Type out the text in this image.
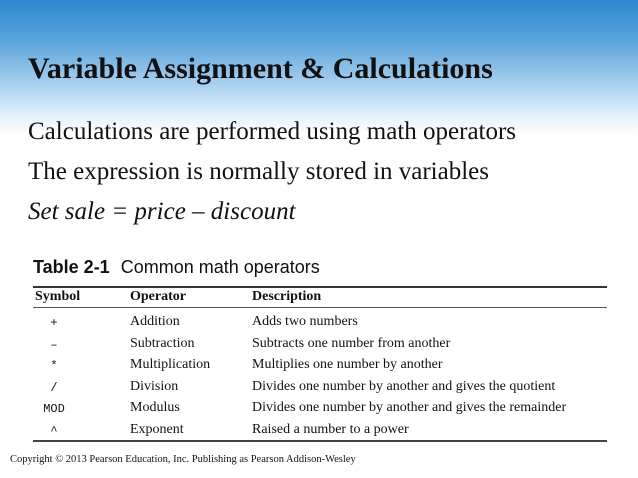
Variable Assignment & Calculations
Calculations are performed using math operators
The expression is normally stored in variables
Set sale = price – discount
Table 2-1 Common math operators
Symbol	Operator	Description
+	Addition	Adds two numbers
–	Subtraction	Subtracts one number from another
*	Multiplication	Multiplies one number by another
/	Division	Divides one number by another and gives the quotient
MOD	Modulus	Divides one number by another and gives the remainder
^	Exponent	Raised a number to a power
Copyright © 2013 Pearson Education, Inc. Publishing as Pearson Addison-Wesley
